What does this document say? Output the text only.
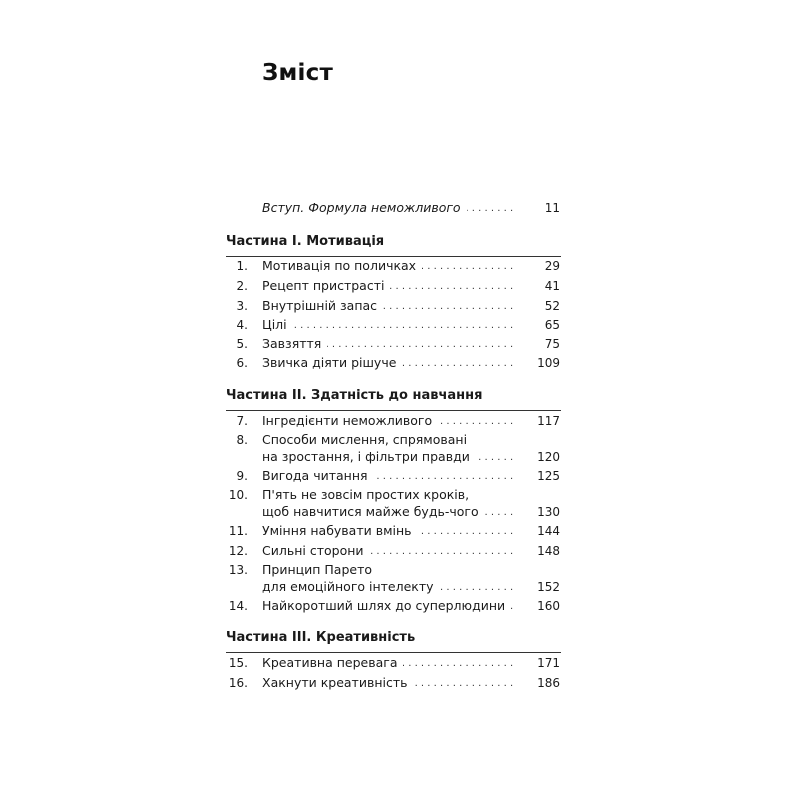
Зміст
Вступ. Формула неможливого . . .	11
Частина I. Мотивація
1. Мотивація по поличках . . .	29
2. Рецепт пристрасті . . .	41
3. Внутрішній запас . . .	52
4. Цілі . . .	65
5. Завзяття . . .	75
6. Звичка діяти рішуче . . .	109
Частина II. Здатність до навчання
7. Інгредієнти неможливого . . .	117
8. Способи мислення, спрямовані
на зростання, і фільтри правди . . .	120
9. Вигода читання . . .	125
10. П'ять не зовсім простих кроків,
щоб навчитися майже будь-чого . . .	130
11. Уміння набувати вмінь . . .	144
12. Сильні сторони . . .	148
13. Принцип Парето
для емоційного інтелекту . . .	152
14. Найкоротший шлях до суперлюдини . . .	160
Частина III. Креативність
15. Креативна перевага . . .	171
16. Хакнути креативність . . .	186
